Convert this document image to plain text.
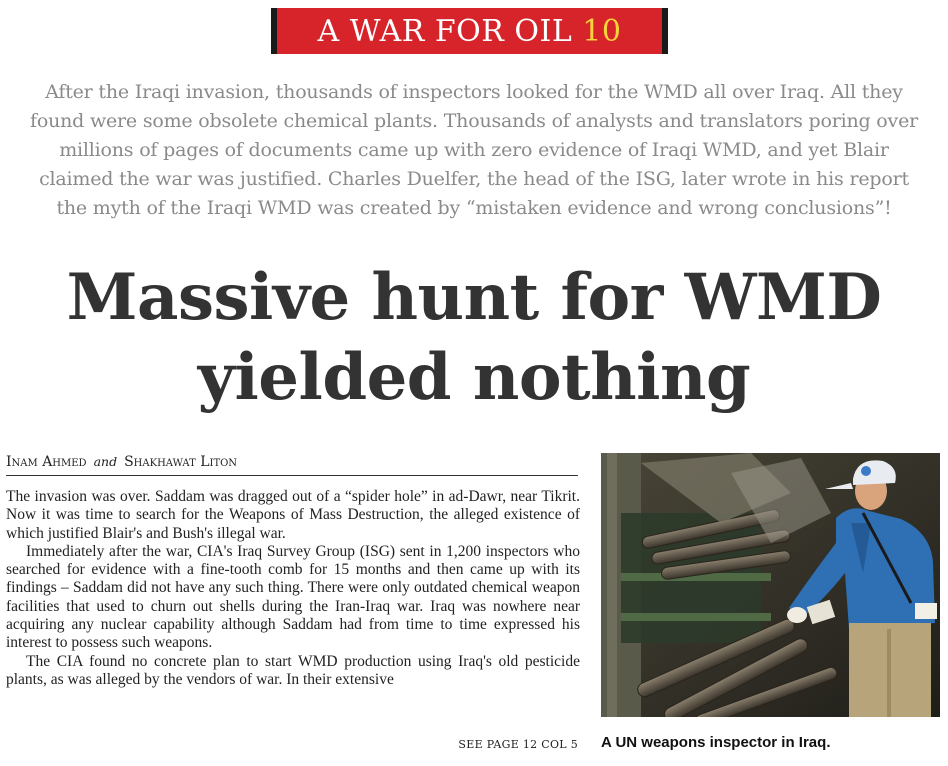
A WAR FOR OIL 10
After the Iraqi invasion, thousands of inspectors looked for the WMD all over Iraq. All they found were some obsolete chemical plants. Thousands of analysts and translators poring over millions of pages of documents came up with zero evidence of Iraqi WMD, and yet Blair claimed the war was justified. Charles Duelfer, the head of the ISG, later wrote in his report the myth of the Iraqi WMD was created by “mistaken evidence and wrong conclusions”!
Massive hunt for WMD
yielded nothing
Inam Ahmed and Shakhawat Liton

The invasion was over. Saddam was dragged out of a “spider hole” in ad-Dawr, near Tikrit. Now it was time to search for the Weapons of Mass Destruction, the alleged existence of which justified Blair's and Bush's illegal war.

Immediately after the war, CIA's Iraq Survey Group (ISG) sent in 1,200 inspectors who searched for evidence with a fine-tooth comb for 15 months and then came up with its findings – Saddam did not have any such thing. There were only outdated chemical weapon facilities that used to churn out shells during the Iran-Iraq war. Iraq was nowhere near acquiring any nuclear capability although Saddam had from time to time expressed his interest to possess such weapons.

The CIA found no concrete plan to start WMD production using Iraq's old pesticide plants, as was alleged by the vendors of war. In their extensive

SEE PAGE 12 COL 5 A UN weapons inspector in Iraq.
